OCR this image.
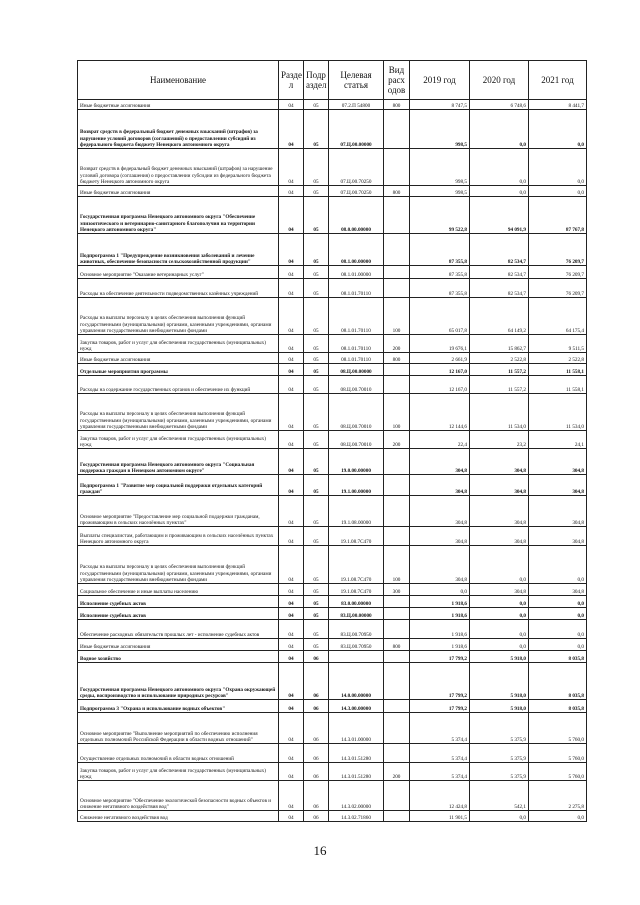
Наименование	Разде л	Подр аздел	Целевая статья	Вид расх одов	2019 год	2020 год	2021 год
Иные бюджетные ассигнования	04	05	07.2.П 54800	800	8 747,5	6 748,6	8 441,7
Возврат средств в федеральный бюджет денежных взысканий (штрафов) за нарушение условий договоров (соглашений) о предоставлении субсидий из федерального бюджета бюджету Ненецкого автономного округа	04	05	07.Ц.00.00000		998,5	0,0	0,0
Возврат средств в федеральный бюджет денежных взысканий (штрафов) за нарушение условий договора (соглашения) о предоставлении субсидии из федерального бюджета бюджету Ненецкого автономного округа	04	05	07.Ц.00.70250		998,5	0,0	0,0
Иные бюджетные ассигнования	04	05	07.Ц.00.70250	800	998,5	0,0	0,0
Государственная программа Ненецкого автономного округа "Обеспечение эпизоотического и ветеринарно-санитарного благополучия на территории Ненецкого автономного округа"	04	05	08.0.00.00000		99 522,8	94 091,9	87 767,8
Подпрограмма 1 "Предупреждение возникновения заболеваний и лечение животных, обеспечение безопасности сельскохозяйственной продукции"	04	05	08.1.00.00000		87 355,8	82 534,7	76 209,7
Основное мероприятие "Оказание ветеринарных услуг"	04	05	08.1.01.00000		87 355,8	82 534,7	76 209,7
Расходы на обеспечение деятельности подведомственных казённых учреждений	04	05	08.1.01.70110		87 355,8	82 534,7	76 209,7
Расходы на выплаты персоналу в целях обеспечения выполнения функций государственными (муниципальными) органами, казенными учреждениями, органами управления государственными внебюджетными фондами	04	05	08.1.01.70110	100	65 017,8	64 149,2	64 175,4
Закупка товаров, работ и услуг для обеспечения государственных (муниципальных) нужд	04	05	08.1.01.70110	200	19 676,1	15 862,7	9 511,5
Иные бюджетные ассигнования	04	05	08.1.01.70110	800	2 661,9	2 522,8	2 522,8
Отдельные мероприятия программы	04	05	08.Ц.00.00000		12 167,0	11 557,2	11 558,1
Расходы на содержание государственных органов и обеспечение их функций	04	05	08.Ц.00.70010		12 167,0	11 557,2	11 558,1
Расходы на выплаты персоналу в целях обеспечения выполнения функций государственными (муниципальными) органами, казенными учреждениями, органами управления государственными внебюджетными фондами	04	05	08.Ц.00.70010	100	12 144,6	11 534,0	11 534,0
Закупка товаров, работ и услуг для обеспечения государственных (муниципальных) нужд	04	05	08.Ц.00.70010	200	22,4	23,2	24,1
Государственная программа Ненецкого автономного округа "Социальная поддержка граждан в Ненецком автономном округе"	04	05	19.0.00.00000		304,8	304,8	304,8
Подпрограмма 1 "Развитие мер социальной поддержки отдельных категорий граждан"	04	05	19.1.00.00000		304,8	304,8	304,8
Основное мероприятие "Предоставление мер социальной поддержки гражданам, проживающим в сельских населённых пунктах"	04	05	19.1.08.00000		304,8	304,8	304,8
Выплаты специалистам, работающим и проживающим в сельских населённых пунктах Ненецкого автономного округа	04	05	19.1.08.7С470		304,8	304,8	304,8
Расходы на выплаты персоналу в целях обеспечения выполнения функций государственными (муниципальными) органами, казенными учреждениями, органами управления государственными внебюджетными фондами	04	05	19.1.08.7С470	100	304,8	0,0	0,0
Социальное обеспечение и иные выплаты населению	04	05	19.1.08.7С470	300	0,0	304,8	304,8
Исполнение судебных актов	04	05	83.0.00.00000		1 918,6	0,0	0,0
Исполнение судебных актов	04	05	83.Ц.00.00000		1 918,6	0,0	0,0
Обеспечение расходных обязательств прошлых лет - исполнение судебных актов	04	05	83.Ц.00.70950		1 918,6	0,0	0,0
Иные бюджетные ассигнования	04	05	83.Ц.00.70950	800	1 918,6	0,0	0,0
Водное хозяйство	04	06			17 799,2	5 918,0	8 035,8
Государственная программа Ненецкого автономного округа "Охрана окружающей среды, воспроизводство и использование природных ресурсов"	04	06	14.0.00.00000		17 799,2	5 918,0	8 035,8
Подпрограмма 3 "Охрана и использование водных объектов"	04	06	14.3.00.00000		17 799,2	5 918,0	8 035,8
Основное мероприятие "Выполнение мероприятий по обеспечению исполнения отдельных полномочий Российской Федерации в области водных отношений"	04	06	14.3.01.00000		5 374,4	5 375,9	5 760,0
Осуществление отдельных полномочий в области водных отношений	04	06	14.3.01.51280		5 374,4	5 375,9	5 760,0
Закупка товаров, работ и услуг для обеспечения государственных (муниципальных) нужд	04	06	14.3.01.51280	200	5 374,4	5 375,9	5 760,0
Основное мероприятие "Обеспечение экологической безопасности водных объектов и снижение негативного воздействия вод"	04	06	14.3.02.00000		12 424,8	542,1	2 275,8
Снижение негативного воздействия вод	04	06	14.3.02.71860		11 901,5	0,0	0,0
16
